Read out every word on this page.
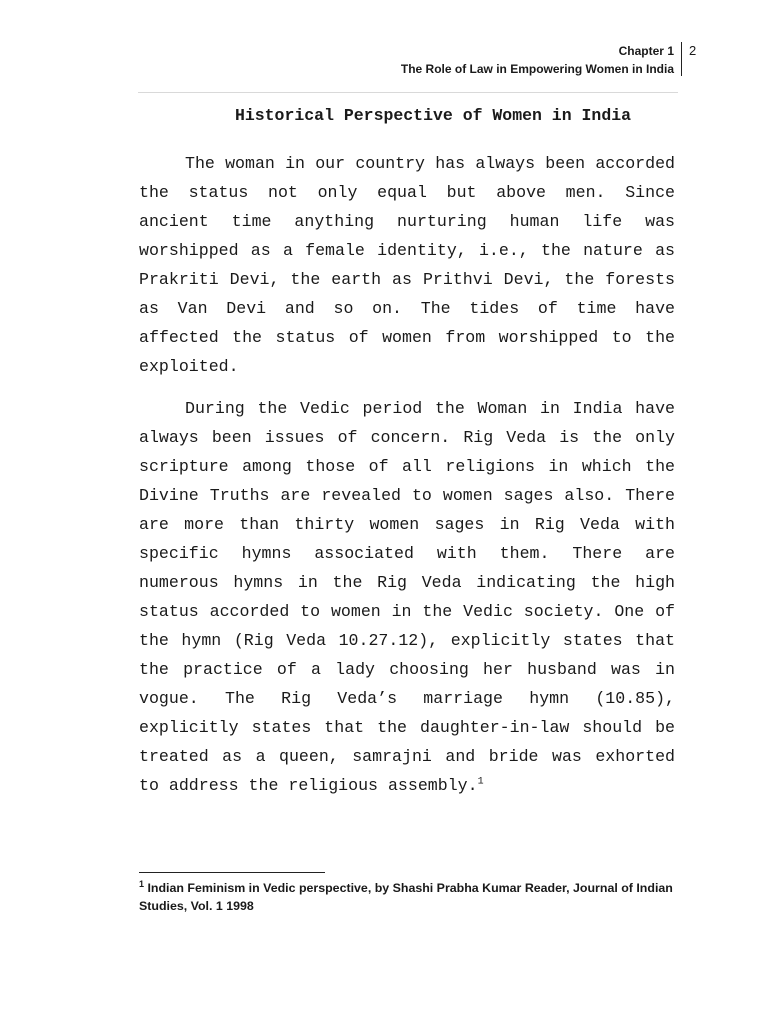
Chapter 1
The Role of Law in Empowering Women in India
2
Historical Perspective of Women in India

The woman in our country has always been accorded the status not only equal but above men. Since ancient time anything nurturing human life was worshipped as a female identity, i.e., the nature as Prakriti Devi, the earth as Prithvi Devi, the forests as Van Devi and so on. The tides of time have affected the status of women from worshipped to the exploited.

During the Vedic period the Woman in India have always been issues of concern. Rig Veda is the only scripture among those of all religions in which the Divine Truths are revealed to women sages also. There are more than thirty women sages in Rig Veda with specific hymns associated with them. There are numerous hymns in the Rig Veda indicating the high status accorded to women in the Vedic society. One of the hymn (Rig Veda 10.27.12), explicitly states that the practice of a lady choosing her husband was in vogue. The Rig Veda’s marriage hymn (10.85), explicitly states that the daughter-in-law should be treated as a queen, samrajni and bride was exhorted to address the religious assembly.$^1$

$^1$ Indian Feminism in Vedic perspective, by Shashi Prabha Kumar Reader, Journal of Indian Studies, Vol. 1 1998
